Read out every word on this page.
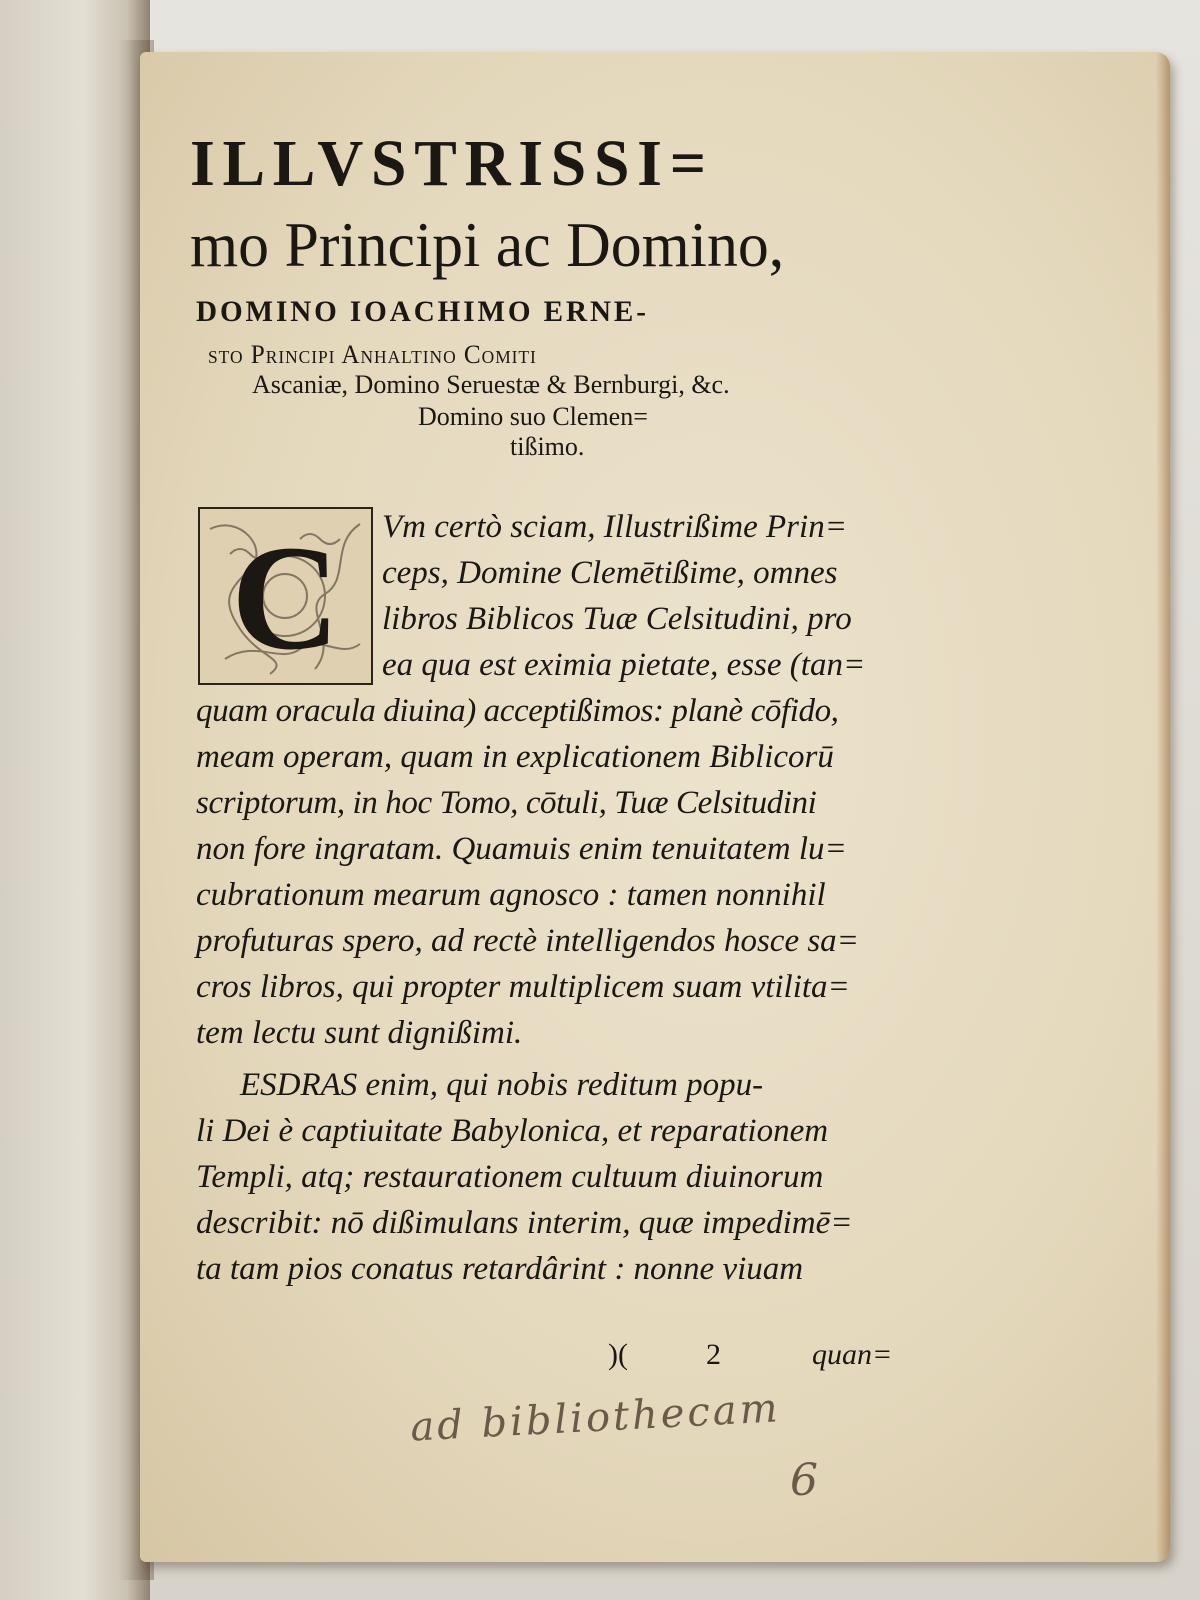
ILLVSTRISSI=
mo Principi ac Domino,
DOMINO IOACHIMO ERNE-
sto Principi Anhaltino Comiti
Ascaniæ, Domino Seruestæ & Bernburgi, &c.
Domino suo Clemen=
tißimo.
C	Vm certò sciam, Illustrißime Prin=
ceps, Domine Clemētißime, omnes
libros Biblicos Tuæ Celsitudini, pro
ea qua est eximia pietate, esse (tan=
quam oracula diuina) acceptißimos: planè cōfido,
meam operam, quam in explicationem Biblicorū
scriptorum, in hoc Tomo, cōtuli, Tuæ Celsitudini
non fore ingratam. Quamuis enim tenuitatem lu=
cubrationum mearum agnosco : tamen nonnihil
profuturas spero, ad rectè intelligendos hosce sa=
cros libros, qui propter multiplicem suam vtilita=
tem lectu sunt dignißimi.
ESDRAS enim, qui nobis reditum popu-
li Dei è captiuitate Babylonica, et reparationem
Templi, atq; restaurationem cultuum diuinorum
describit: nō dißimulans interim, quæ impedimē=
ta tam pios conatus retardârint : nonne viuam
)(	2	quan=
ad bibliothecam
6
